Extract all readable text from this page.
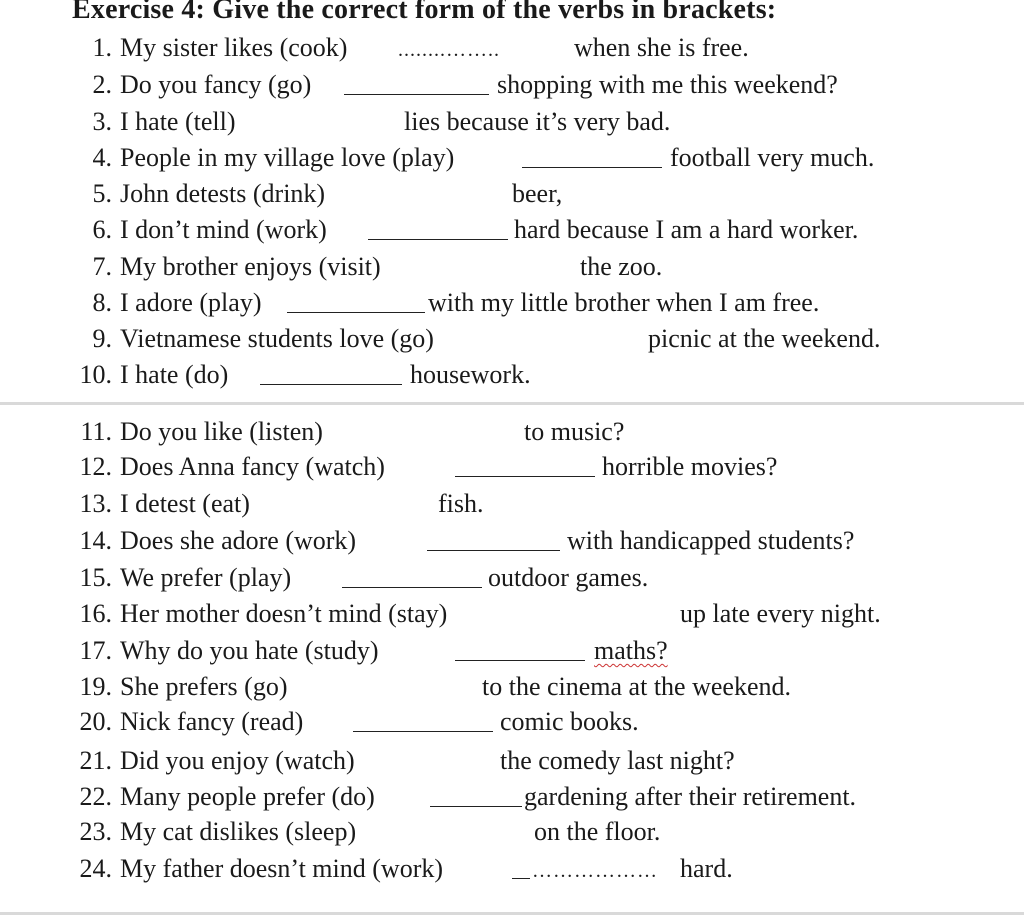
Exercise 4: Give the correct form of the verbs in brackets:
1. My sister likes (cook)	........……..	when she is free.
2. Do you fancy (go)	shopping with me this weekend?
3. I hate (tell)	lies because it’s very bad.
4. People in my village love (play)	football very much.
5. John detests (drink)	beer,
6. I don’t mind (work)	hard because I am a hard worker.
7. My brother enjoys (visit)	the zoo.
8. I adore (play)	with my little brother when I am free.
9. Vietnamese students love (go)	picnic at the weekend.
10. I hate (do)	housework.
11. Do you like (listen)	to music?
12. Does Anna fancy (watch)	horrible movies?
13. I detest (eat)	fish.
14. Does she adore (work)	with handicapped students?
15. We prefer (play)	outdoor games.
16. Her mother doesn’t mind (stay)	up late every night.
17. Why do you hate (study)	maths?
19. She prefers (go)	to the cinema at the weekend.
20. Nick fancy (read)	comic books.
21. Did you enjoy (watch)	the comedy last night?
22. Many people prefer (do)	gardening after their retirement.
23. My cat dislikes (sleep)	on the floor.
24. My father doesn’t mind (work)	……………… hard.
